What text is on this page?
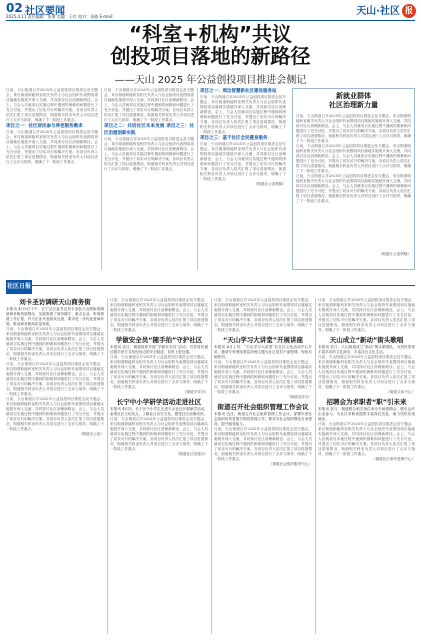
02 社区要闻
2025.4.11 责任编辑：张倩 美编：王红 校对：朱晓 E-mail:	天山·社区 报
“科室+机构”共议
创投项目落地的新路径
——天山 2025 年公益创投项目推进会侧记
日前，天山街道召开2025年公益创投项目推进会及专题会，来自街道职能科室相关负责人与社会组织代表围绕项目落地实施展开深入交流，共同探讨社区治理新路径。会上，与会人员就项目实施过程中遇到的困难和问题进行了充分讨论，并提出了切实可行的解决方案。各项目负责人依次汇报了项目进展情况，街道相关科室负责人对项目进行了点评与指导，明确了下一阶段工作重点。
项目之一：社区居民参与养老服务需求
日前，天山街道召开2025年公益创投项目推进会及专题会，来自街道职能科室相关负责人与社会组织代表围绕项目落地实施展开深入交流，共同探讨社区治理新路径。会上，与会人员就项目实施过程中遇到的困难和问题进行了充分讨论，并提出了切实可行的解决方案。各项目负责人依次汇报了项目进展情况，街道相关科室负责人对项目进行了点评与指导，明确了下一阶段工作重点。
日前，天山街道召开2025年公益创投项目推进会及专题会，来自街道职能科室相关负责人与社会组织代表围绕项目落地实施展开深入交流，共同探讨社区治理新路径。会上，与会人员就项目实施过程中遇到的困难和问题进行了充分讨论，并提出了切实可行的解决方案。各项目负责人依次汇报了项目进展情况，街道相关科室负责人对项目进行了点评与指导，明确了下一阶段工作重点。
项目之二：共话社区未来发展 项目之三：社区治理创新实践
日前，天山街道召开2025年公益创投项目推进会及专题会，来自街道职能科室相关负责人与社会组织代表围绕项目落地实施展开深入交流，共同探讨社区治理新路径。会上，与会人员就项目实施过程中遇到的困难和问题进行了充分讨论，并提出了切实可行的解决方案。各项目负责人依次汇报了项目进展情况，街道相关科室负责人对项目进行了点评与指导，明确了下一阶段工作重点。
项目之一：周边智慧新社区建设服务站
日前，天山街道召开2025年公益创投项目推进会及专题会，来自街道职能科室相关负责人与社会组织代表围绕项目落地实施展开深入交流，共同探讨社区治理新路径。会上，与会人员就项目实施过程中遇到的困难和问题进行了充分讨论，并提出了切实可行的解决方案。各项目负责人依次汇报了项目进展情况，街道相关科室负责人对项目进行了点评与指导，明确了下一阶段工作重点。
项目之三：基于社区全民健身服务
日前，天山街道召开2025年公益创投项目推进会及专题会，来自街道职能科室相关负责人与社会组织代表围绕项目落地实施展开深入交流，共同探讨社区治理新路径。会上，与会人员就项目实施过程中遇到的困难和问题进行了充分讨论，并提出了切实可行的解决方案。各项目负责人依次汇报了项目进展情况，街道相关科室负责人对项目进行了点评与指导，明确了下一阶段工作重点。
（街道办公室供稿）
新就业群体
社区治理新力量
日前，天山街道召开2025年公益创投项目推进会及专题会，来自街道职能科室相关负责人与社会组织代表围绕项目落地实施展开深入交流，共同探讨社区治理新路径。会上，与会人员就项目实施过程中遇到的困难和问题进行了充分讨论，并提出了切实可行的解决方案。各项目负责人依次汇报了项目进展情况，街道相关科室负责人对项目进行了点评与指导，明确了下一阶段工作重点。
日前，天山街道召开2025年公益创投项目推进会及专题会，来自街道职能科室相关负责人与社会组织代表围绕项目落地实施展开深入交流，共同探讨社区治理新路径。会上，与会人员就项目实施过程中遇到的困难和问题进行了充分讨论，并提出了切实可行的解决方案。各项目负责人依次汇报了项目进展情况，街道相关科室负责人对项目进行了点评与指导，明确了下一阶段工作重点。
日前，天山街道召开2025年公益创投项目推进会及专题会，来自街道职能科室相关负责人与社会组织代表围绕项目落地实施展开深入交流，共同探讨社区治理新路径。会上，与会人员就项目实施过程中遇到的困难和问题进行了充分讨论，并提出了切实可行的解决方案。各项目负责人依次汇报了项目进展情况，街道相关科室负责人对项目进行了点评与指导，明确了下一阶段工作重点。
（街道办公室供稿）
社区日报
刘卡圣访调研天山商务街
本报讯 4月9日下午，长宁区区委书记刘卡圣赴天山路街道调研商务街发展情况，实地察看了商务楼宇、重点企业，听取街道工作汇报，并与企业代表座谈交流，要求进一步优化营商环境，推动商务街高质量发展。
日前，天山街道召开2025年公益创投项目推进会及专题会，来自街道职能科室相关负责人与社会组织代表围绕项目落地实施展开深入交流，共同探讨社区治理新路径。会上，与会人员就项目实施过程中遇到的困难和问题进行了充分讨论，并提出了切实可行的解决方案。各项目负责人依次汇报了项目进展情况，街道相关科室负责人对项目进行了点评与指导，明确了下一阶段工作重点。
日前，天山街道召开2025年公益创投项目推进会及专题会，来自街道职能科室相关负责人与社会组织代表围绕项目落地实施展开深入交流，共同探讨社区治理新路径。会上，与会人员就项目实施过程中遇到的困难和问题进行了充分讨论，并提出了切实可行的解决方案。各项目负责人依次汇报了项目进展情况，街道相关科室负责人对项目进行了点评与指导，明确了下一阶段工作重点。
日前，天山街道召开2025年公益创投项目推进会及专题会，来自街道职能科室相关负责人与社会组织代表围绕项目落地实施展开深入交流，共同探讨社区治理新路径。会上，与会人员就项目实施过程中遇到的困难和问题进行了充分讨论，并提出了切实可行的解决方案。各项目负责人依次汇报了项目进展情况，街道相关科室负责人对项目进行了点评与指导，明确了下一阶段工作重点。
（街道办公室）
日前，天山街道召开2025年公益创投项目推进会及专题会，来自街道职能科室相关负责人与社会组织代表围绕项目落地实施展开深入交流，共同探讨社区治理新路径。会上，与会人员就项目实施过程中遇到的困难和问题进行了充分讨论，并提出了切实可行的解决方案。各项目负责人依次汇报了项目进展情况，街道相关科室负责人对项目进行了点评与指导，明确了下一阶段工作重点。
学做安全员“随手拍”守护社区
本报讯 近日，街道组织开展“学做安全员”活动，引导居民通过随手拍方式发现身边的安全隐患，及时上报处置。
日前，天山街道召开2025年公益创投项目推进会及专题会，来自街道职能科室相关负责人与社会组织代表围绕项目落地实施展开深入交流，共同探讨社区治理新路径。会上，与会人员就项目实施过程中遇到的困难和问题进行了充分讨论，并提出了切实可行的解决方案。各项目负责人依次汇报了项目进展情况，街道相关科室负责人对项目进行了点评与指导，明确了下一阶段工作重点。
（街道平安办）
长宁中小学研学活动走进社区
本报讯 4月初，长宁区中小学生走进天山社区开展研学活动，参观社区文化站点，了解社区历史文化，感受社区治理成效。
日前，天山街道召开2025年公益创投项目推进会及专题会，来自街道职能科室相关负责人与社会组织代表围绕项目落地实施展开深入交流，共同探讨社区治理新路径。会上，与会人员就项目实施过程中遇到的困难和问题进行了充分讨论，并提出了切实可行的解决方案。各项目负责人依次汇报了项目进展情况，街道相关科室负责人对项目进行了点评与指导，明确了下一阶段工作重点。
（街道社区党建办）
日前，天山街道召开2025年公益创投项目推进会及专题会，来自街道职能科室相关负责人与社会组织代表围绕项目落地实施展开深入交流，共同探讨社区治理新路径。会上，与会人员就项目实施过程中遇到的困难和问题进行了充分讨论，并提出了切实可行的解决方案。各项目负责人依次汇报了项目进展情况，街道相关科室负责人对项目进行了点评与指导，明确了下一阶段工作重点。
“天山学习大讲堂”开展讲座
本报讯 4月上旬，“天山学习大讲堂”在社区文化活动中心开讲，邀请专家围绕基层治理主题为社区党员干部授课，现场反响热烈。
日前，天山街道召开2025年公益创投项目推进会及专题会，来自街道职能科室相关负责人与社会组织代表围绕项目落地实施展开深入交流，共同探讨社区治理新路径。会上，与会人员就项目实施过程中遇到的困难和问题进行了充分讨论，并提出了切实可行的解决方案。各项目负责人依次汇报了项目进展情况，街道相关科室负责人对项目进行了点评与指导，明确了下一阶段工作重点。
（街道宣传办）
街道召开社会组织管理工作会议
本报讯 近日，街道召开社会组织管理工作会议，部署年度社会组织培育发展与规范管理工作，要求各社会组织强化自身建设，提升服务能力。
日前，天山街道召开2025年公益创投项目推进会及专题会，来自街道职能科室相关负责人与社会组织代表围绕项目落地实施展开深入交流，共同探讨社区治理新路径。会上，与会人员就项目实施过程中遇到的困难和问题进行了充分讨论，并提出了切实可行的解决方案。各项目负责人依次汇报了项目进展情况，街道相关科室负责人对项目进行了点评与指导，明确了下一阶段工作重点。
（街道社会组织服务中心）
日前，天山街道召开2025年公益创投项目推进会及专题会，来自街道职能科室相关负责人与社会组织代表围绕项目落地实施展开深入交流，共同探讨社区治理新路径。会上，与会人员就项目实施过程中遇到的困难和问题进行了充分讨论，并提出了切实可行的解决方案。各项目负责人依次汇报了项目进展情况，街道相关科室负责人对项目进行了点评与指导，明确了下一阶段工作重点。
天山成立“新动”街头歌唱
本报讯 近日，天山街道成立“新动”街头歌唱队，为居民带来丰富多彩的文艺演出，丰富社区文化生活。
日前，天山街道召开2025年公益创投项目推进会及专题会，来自街道职能科室相关负责人与社会组织代表围绕项目落地实施展开深入交流，共同探讨社区治理新路径。会上，与会人员就项目实施过程中遇到的困难和问题进行了充分讨论，并提出了切实可行的解决方案。各项目负责人依次汇报了项目进展情况，街道相关科室负责人对项目进行了点评与指导，明确了下一阶段工作重点。
（街道文体中心）
招聘会为求职者“职”引未来
本报讯 近日，街道联合相关单位举办专场招聘会，吸引众多企业参与，为社区求职者提供丰富岗位信息，助力居民实现就业。
日前，天山街道召开2025年公益创投项目推进会及专题会，来自街道职能科室相关负责人与社会组织代表围绕项目落地实施展开深入交流，共同探讨社区治理新路径。会上，与会人员就项目实施过程中遇到的困难和问题进行了充分讨论，并提出了切实可行的解决方案。各项目负责人依次汇报了项目进展情况，街道相关科室负责人对项目进行了点评与指导，明确了下一阶段工作重点。
（街道社区事务受理中心）
